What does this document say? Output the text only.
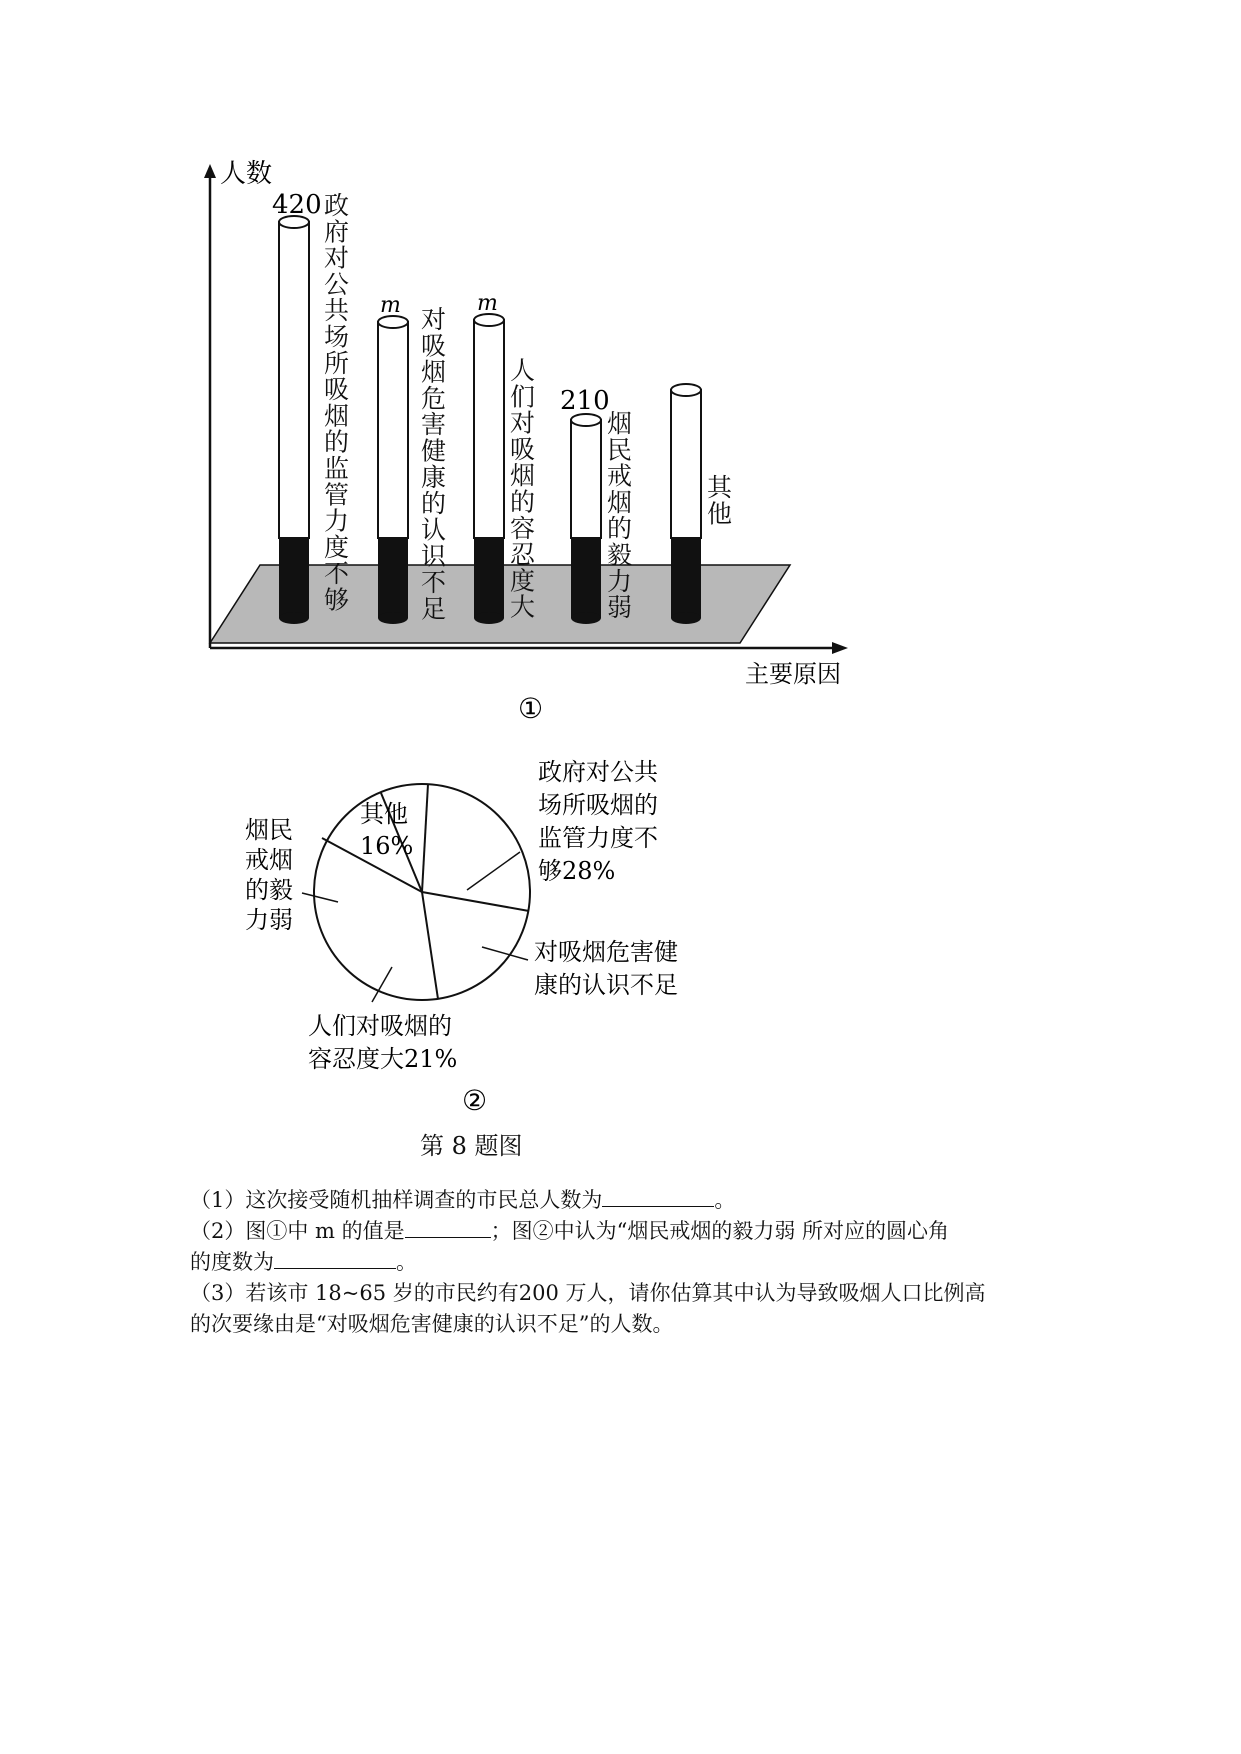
人数
主要原因
420
m	m
210
政府对公共场所吸烟的监管力度不够	对吸烟危害健康的认识不足 人们对吸烟的容忍度大	烟民戒烟的毅力弱	其他
①
政府对公共 场所吸烟的 监管力度不 够28%
对吸烟危害健 康的认识不足
人们对吸烟的 容忍度大21%
烟民 戒烟 的毅 力弱
其他 16%
②
第 8 题图
（1）这次接受随机抽样调查的市民总人数为	。
（2）图①中 m 的值是	；图②中认为“烟民戒烟的毅力弱 所对应的圆心角
的度数为	。
（3）若该市 18~65 岁的市民约有200 万人，请你估算其中认为导致吸烟人口比例高
的次要缘由是“对吸烟危害健康的认识不足”的人数。
